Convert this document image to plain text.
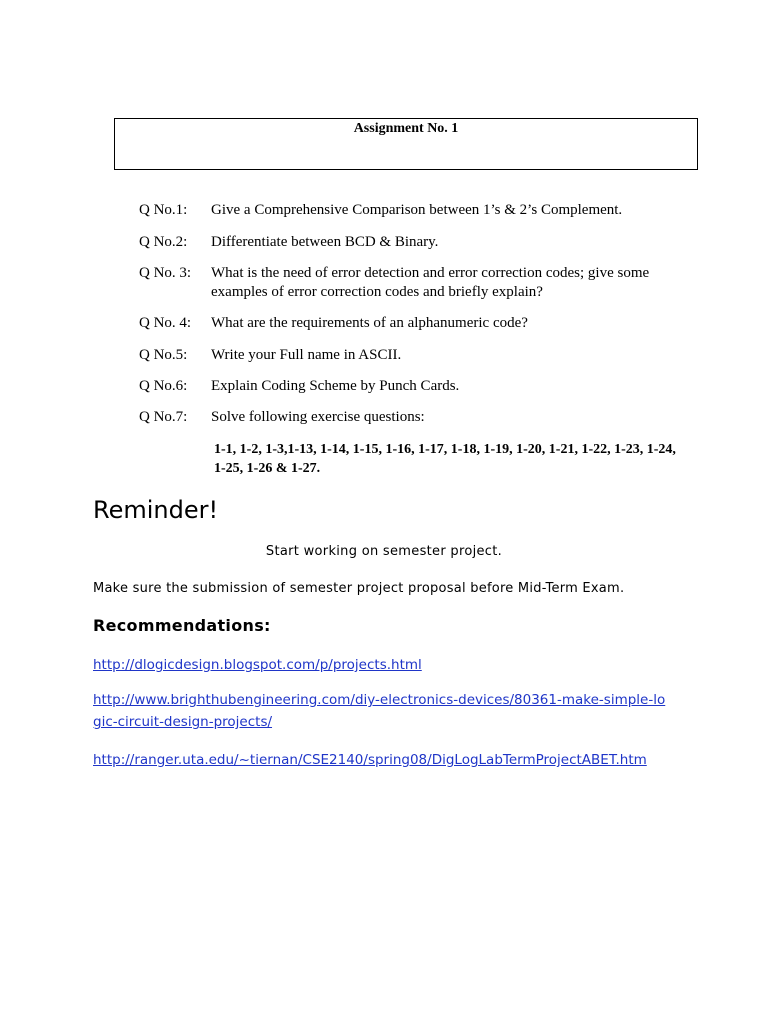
Assignment No. 1
Q No.1: Give a Comprehensive Comparison between 1’s & 2’s Complement.
Q No.2: Differentiate between BCD & Binary.
Q No. 3: What is the need of error detection and error correction codes; give some examples of error correction codes and briefly explain?
Q No. 4: What are the requirements of an alphanumeric code?
Q No.5: Write your Full name in ASCII.
Q No.6: Explain Coding Scheme by Punch Cards.
Q No.7: Solve following exercise questions:
1-1, 1-2, 1-3,1-13, 1-14, 1-15, 1-16, 1-17, 1-18, 1-19, 1-20, 1-21, 1-22, 1-23, 1-24, 1-25, 1-26 & 1-27.
Reminder!
Start working on semester project.
Make sure the submission of semester project proposal before Mid-Term Exam.
Recommendations:
http://dlogicdesign.blogspot.com/p/projects.html
http://www.brighthubengineering.com/diy-electronics-devices/80361-make-simple-logic-circuit-design-projects/
http://ranger.uta.edu/~tiernan/CSE2140/spring08/DigLogLabTermProjectABET.htm
